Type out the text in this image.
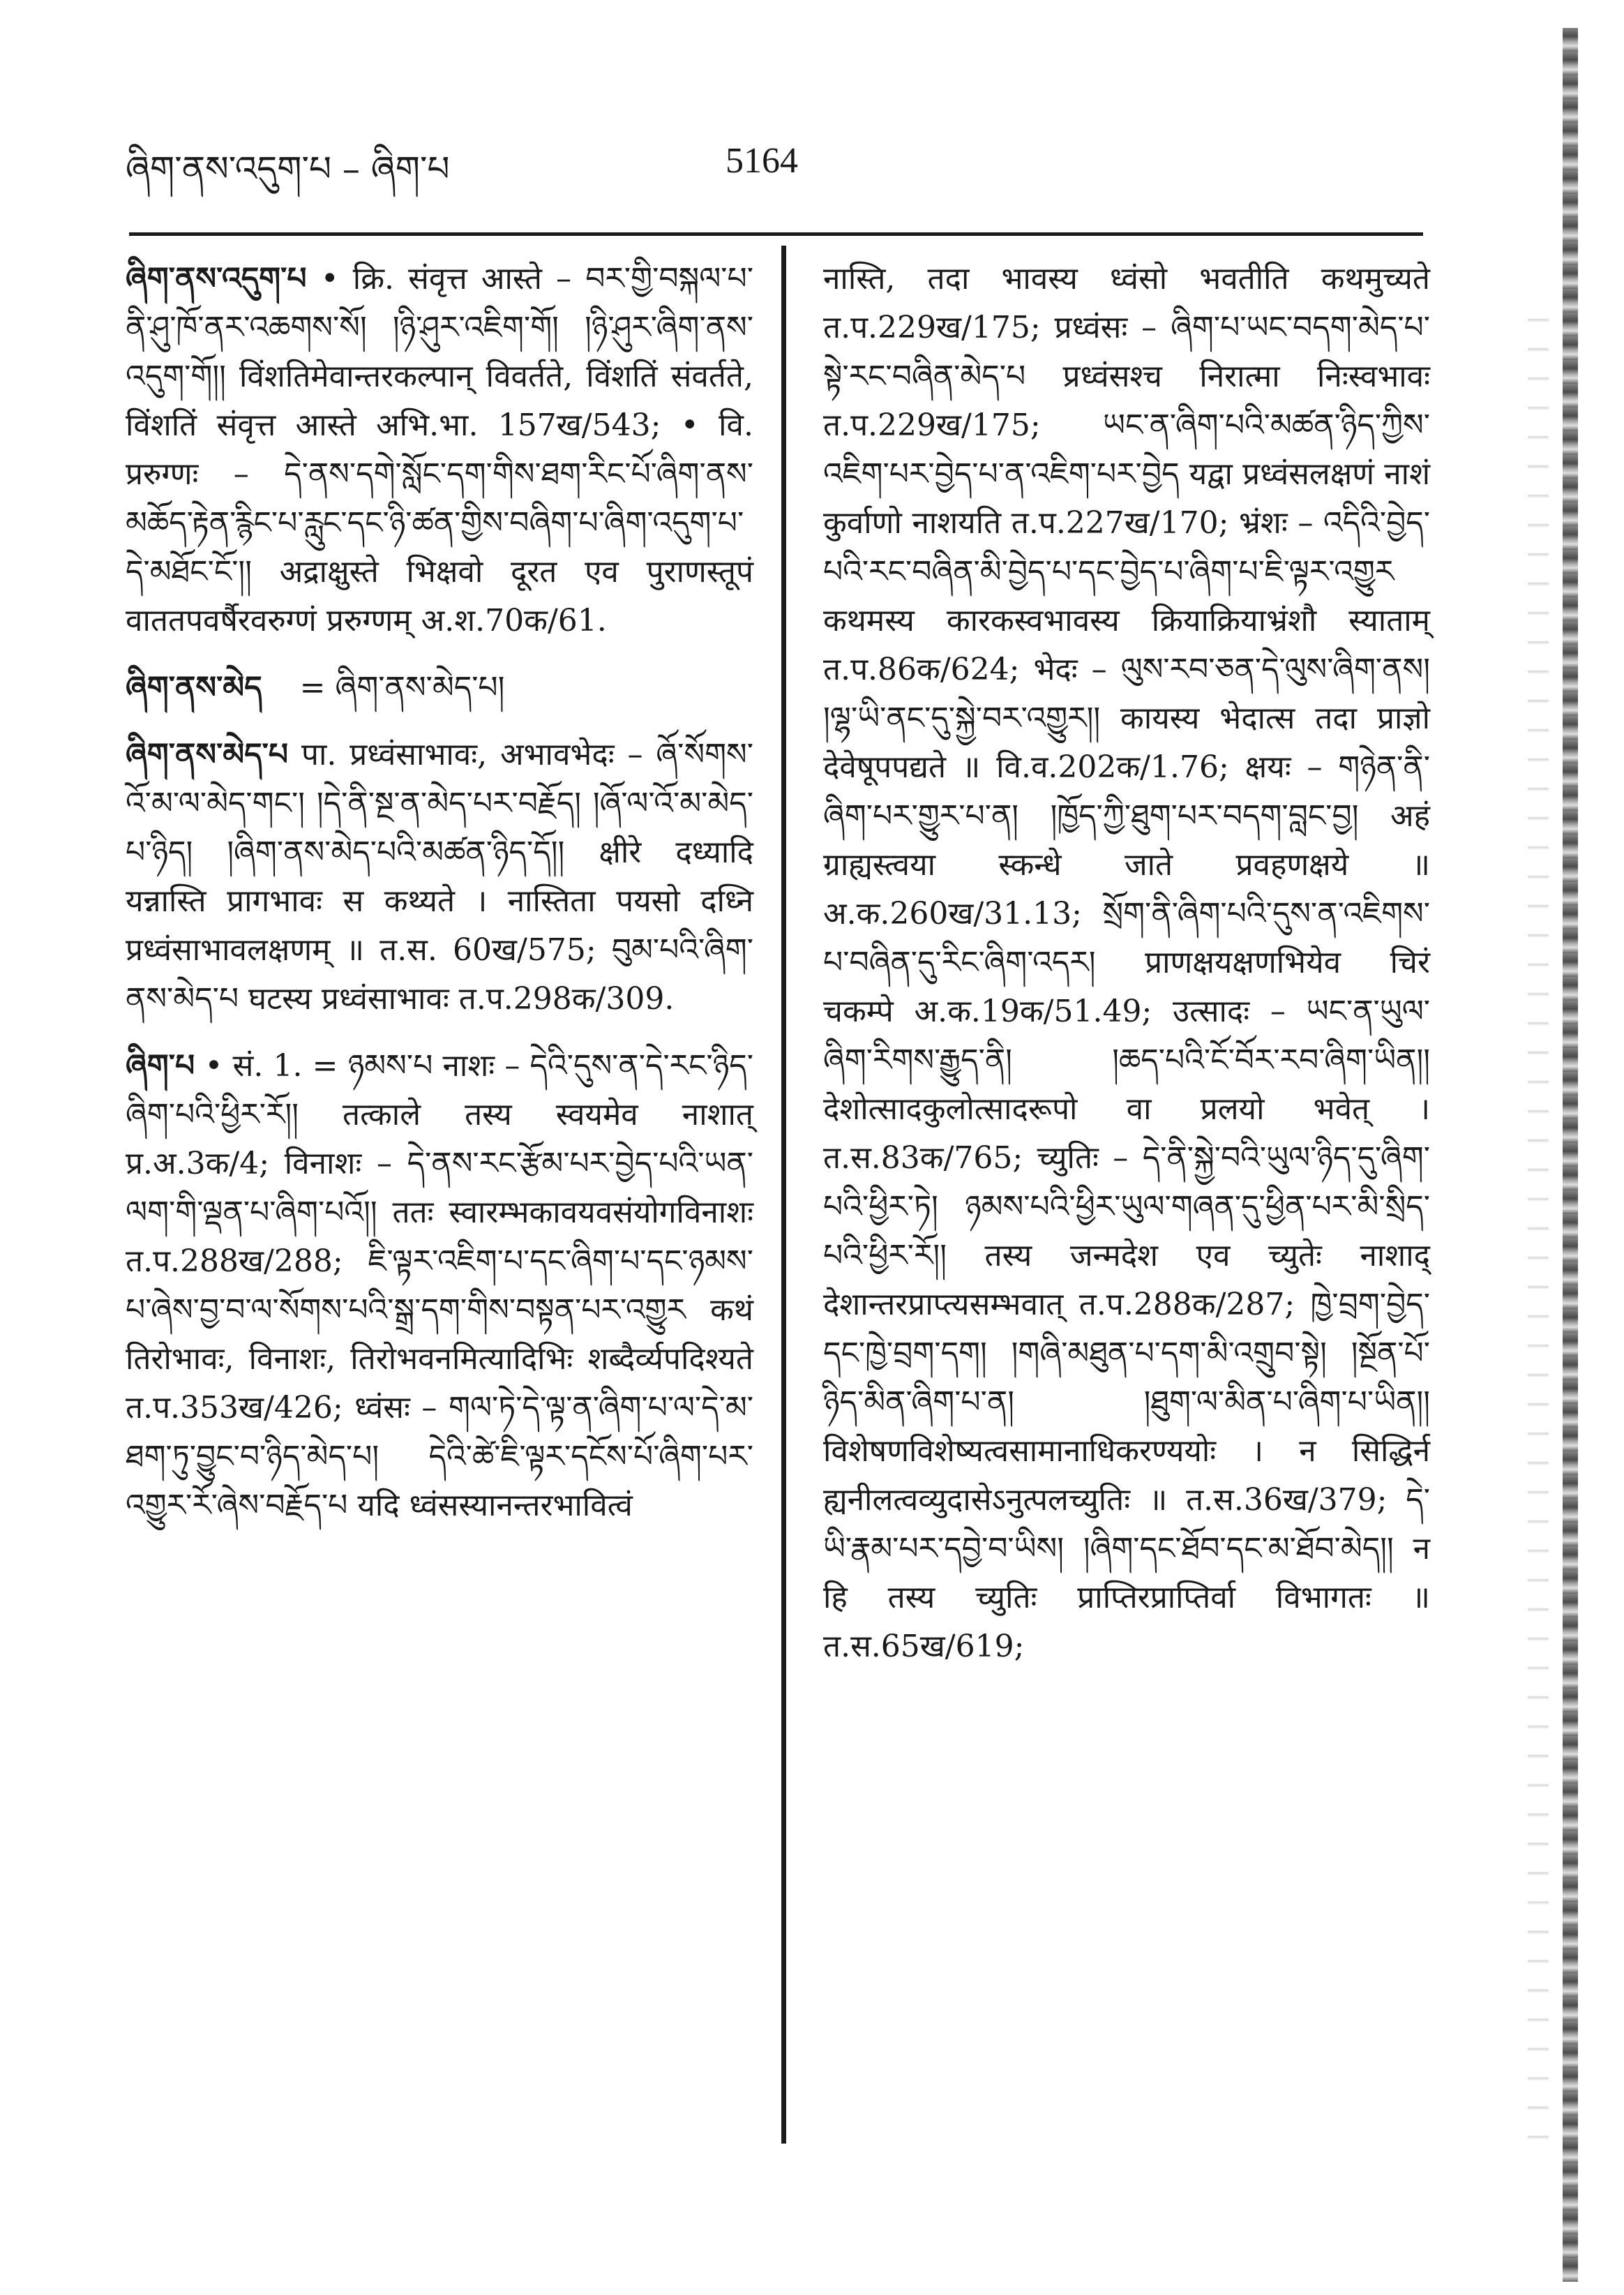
ཞིག་ནས་འདུག་པ – ཞིག་པ	5164

ཞིག་ནས་འདུག་པ • क्रि. संवृत्त आस्ते – བར་གྱི་བསྐལ་པ་ནི་ཤུ་ཁོ་ནར་འཆགས་སོ། །ཉི་ཤུར་འཇིག་གོ། །ཉི་ཤུར་ཞིག་ནས་འདུག་གོ།། विंशतिमेवान्तरकल्पान् विवर्तते, विंशतिं संवर्तते, विंशतिं संवृत्त आस्ते अभि.भा. 157ख/543; • वि. प्ररुग्णः – དེ་ནས་དགེ་སློང་དག་གིས་ཐག་རིང་པོ་ཞིག་ནས་མཆོད་རྟེན་རྙིང་པ་རླུང་དང་ཉི་ཚན་གྱིས་བཞིག་པ་ཞིག་འདུག་པ་དེ་མཐོང་ངོ༌།། अद्राक्षुस्ते भिक्षवो दूरत एव पुराणस्तूपं वाततपवर्षैरवरुग्णं प्ररुग्णम् अ.श.70क/61.

ཞིག་ནས་མེད = ཞིག་ནས་མེད་པ།

ཞིག་ནས་མེད་པ पा. प्रध्वंसाभावः, अभावभेदः – ཞོ་སོགས་འོ་མ་ལ་མེད་གང་། །དེ་ནི་སྔ་ན་མེད་པར་བརྗོད། །ཞོ་ལ་འོ་མ་མེད་པ་ཉིད། །ཞིག་ནས་མེད་པའི་མཚན་ཉིད་དོ།། क्षीरे दध्यादि यन्नास्ति प्रागभावः स कथ्यते । नास्तिता पयसो दध्नि प्रध्वंसाभावलक्षणम् ॥ त.स. 60ख/575; བུམ་པའི་ཞིག་ནས་མེད་པ घटस्य प्रध्वंसाभावः त.प.298क/309.

ཞིག་པ • सं. 1. = ཉམས་པ नाशः – དེའི་དུས་ན་དེ་རང་ཉིད་ཞིག་པའི་ཕྱིར་རོ།། तत्काले तस्य स्वयमेव नाशात् प्र.अ.3क/4; विनाशः – དེ་ནས་རང་རྩོམ་པར་བྱེད་པའི་ཡན་ལག་གི་ལྡན་པ་ཞིག་པའོ།། ततः स्वारम्भकावयवसंयोगविनाशः त.प.288ख/288; ཇི་ལྟར་འཇིག་པ་དང་ཞིག་པ་དང་ཉམས་པ་ཞེས་བྱ་བ་ལ་སོགས་པའི་སྒྲ་དག་གིས་བསྟན་པར་འགྱུར कथं तिरोभावः, विनाशः, तिरोभवनमित्यादिभिः शब्दैर्व्यपदिश्यते त.प.353ख/426; ध्वंसः – གལ་ཏེ་དེ་ལྟ་ན་ཞིག་པ་ལ་དེ་མ་ཐག་ཏུ་བྱུང་བ་ཉིད་མེད་པ། དེའི་ཚེ་ཇི་ལྟར་དངོས་པོ་ཞིག་པར་འགྱུར་རོ་ཞེས་བརྗོད་པ यदि ध्वंसस्यानन्तरभावित्वं

नास्ति, तदा भावस्य ध्वंसो भवतीति कथमुच्यते त.प.229ख/175; प्रध्वंसः – ཞིག་པ་ཡང་བདག་མེད་པ་སྟེ་རང་བཞིན་མེད་པ प्रध्वंसश्च निरात्मा निःस्वभावः त.प.229ख/175; ཡང་ན་ཞིག་པའི་མཚན་ཉིད་ཀྱིས་འཇིག་པར་བྱེད་པ་ན་འཇིག་པར་བྱེད यद्वा प्रध्वंसलक्षणं नाशं कुर्वाणो नाशयति त.प.227ख/170; भ्रंशः – འདིའི་བྱེད་པའི་རང་བཞིན་མི་བྱེད་པ་དང་བྱེད་པ་ཞིག་པ་ཇི་ལྟར་འགྱུར कथमस्य कारकस्वभावस्य क्रियाक्रियाभ्रंशौ स्याताम् त.प.86क/624; भेदः – ལུས་རབ་ཅན་དེ་ལུས་ཞིག་ནས། །ལྷ་ཡི་ནང་དུ་སྐྱེ་བར་འགྱུར།། कायस्य भेदात्स तदा प्राज्ञो देवेषूपपद्यते ॥ वि.व.202क/1.76; क्षयः – གཉེན་ནི་ཞིག་པར་གྱུར་པ་ན། །ཁྱོད་ཀྱི་ཐུག་པར་བདག་བླང་བྱ། अहं ग्राह्यस्त्वया स्कन्धे जाते प्रवहणक्षये ॥ अ.क.260ख/31.13; སྲོག་ནི་ཞིག་པའི་དུས་ན་འཇིགས་པ་བཞིན་དུ་རིང་ཞིག་འདར། प्राणक्षयक्षणभियेव चिरं चकम्पे अ.क.19क/51.49; उत्सादः – ཡང་ན་ཡུལ་ཞིག་རིགས་རྒྱུད་ནི། །ཆད་པའི་ངོ་བོར་རབ་ཞིག་ཡིན།། देशोत्सादकुलोत्सादरूपो वा प्रलयो भवेत् । त.स.83क/765; च्युतिः – དེ་ནི་སྐྱེ་བའི་ཡུལ་ཉིད་དུ་ཞིག་པའི་ཕྱིར་ཏེ། ཉམས་པའི་ཕྱིར་ཡུལ་གཞན་དུ་ཕྱིན་པར་མི་སྲིད་པའི་ཕྱིར་རོ།། तस्य जन्मदेश एव च्युतेः नाशाद् देशान्तरप्राप्त्यसम्भवात् त.प.288क/287; ཁྱེ་བྲག་བྱེད་དང་ཁྱེ་བྲག་དག། །གཞི་མཐུན་པ་དག་མི་འགྲུབ་སྟེ། །སྔོན་པོ་ཉིད་མིན་ཞིག་པ་ན། །ཐུག་ལ་མིན་པ་ཞིག་པ་ཡིན།། विशेषणविशेष्यत्वसामानाधिकरण्ययोः । न सिद्धिर्न ह्यनीलत्वव्युदासेऽनुत्पलच्युतिः ॥ त.स.36ख/379; དེ་ཡི་རྣམ་པར་དབྱེ་བ་ཡིས། །ཞིག་དང་ཐོབ་དང་མ་ཐོབ་མེད།། न हि तस्य च्युतिः प्राप्तिरप्राप्तिर्वा विभागतः ॥ त.स.65ख/619;
